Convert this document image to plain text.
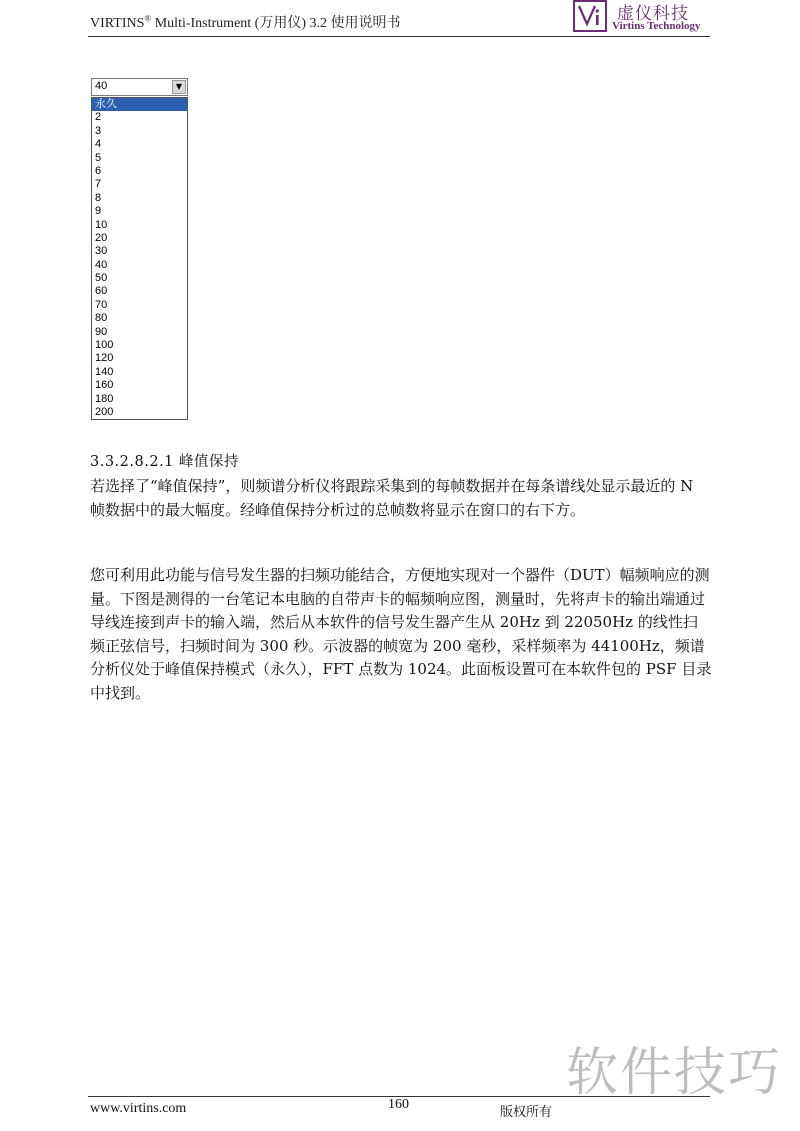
VIRTINS® Multi-Instrument (万用仪) 3.2 使用说明书	虚仪科技
Virtins Technology
40	▼
永久
2
3
4
5
6
7
8
9
10
20
30
40
50
60
70
80
90
100
120
140
160
180
200
3.3.2.8.2.1 峰值保持

若选择了“峰值保持”，则频谱分析仪将跟踪采集到的每帧数据并在每条谱线处显示最近的 N 帧数据中的最大幅度。经峰值保持分析过的总帧数将显示在窗口的右下方。

您可利用此功能与信号发生器的扫频功能结合，方便地实现对一个器件（DUT）幅频响应的测量。下图是测得的一台笔记本电脑的自带声卡的幅频响应图，测量时，先将声卡的输出端通过导线连接到声卡的输入端，然后从本软件的信号发生器产生从 20Hz 到 22050Hz 的线性扫频正弦信号，扫频时间为 300 秒。示波器的帧宽为 200 毫秒，采样频率为 44100Hz，频谱分析仪处于峰值保持模式（永久），FFT 点数为 1024。此面板设置可在本软件包的 PSF 目录中找到。

软件技巧
www.virtins.com	160
版权所有
